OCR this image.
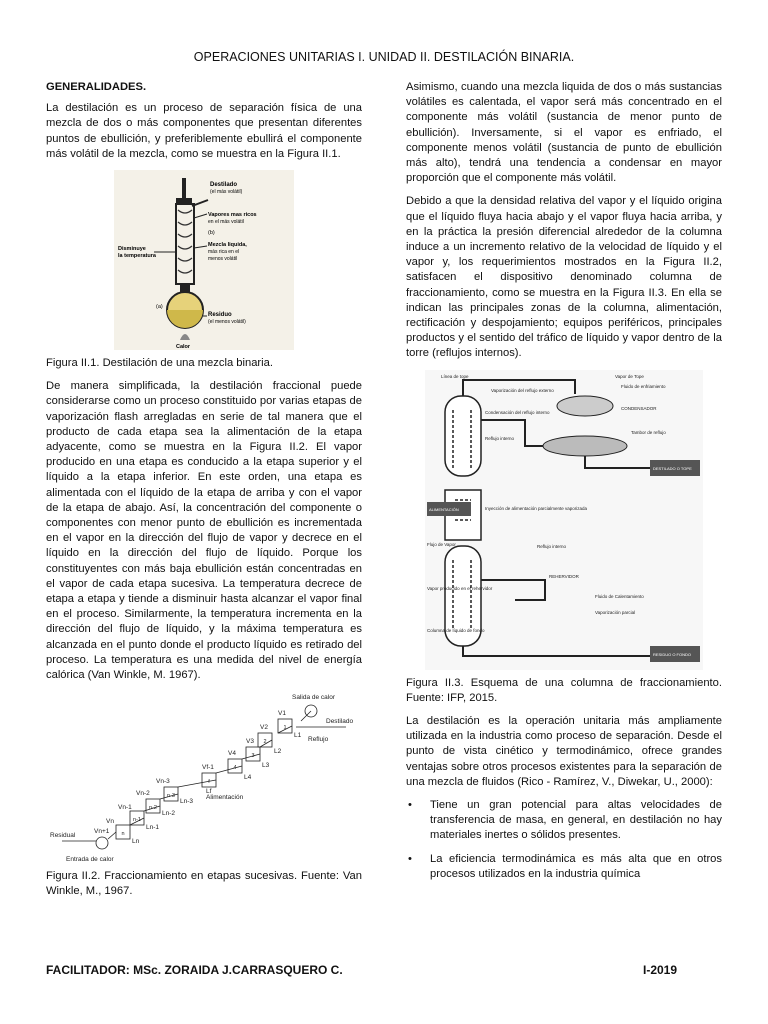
OPERACIONES UNITARIAS I. UNIDAD II. DESTILACIÓN BINARIA.
GENERALIDADES.

La destilación es un proceso de separación física de una mezcla de dos o más componentes que presentan diferentes puntos de ebullición, y preferiblemente ebullirá el componente más volátil de la mezcla, como se muestra en la Figura II.1.

Destilado
(el más volátil)
Vapores mas ricos
en el más volátil
(b)
Mezcla liquida,
más rica en el
menos volátil
Disminuye
la temperatura
(a)
Residuo
(el menos volátil)
Calor

Figura II.1. Destilación de una mezcla binaria.

De manera simplificada, la destilación fraccional puede considerarse como un proceso constituido por varias etapas de vaporización flash arregladas en serie de tal manera que el producto de cada etapa sea la alimentación de la etapa adyacente, como se muestra en la Figura II.2. El vapor producido en una etapa es conducido a la etapa superior y el líquido a la etapa inferior. En este orden, una etapa es alimentada con el líquido de la etapa de arriba y con el vapor de la etapa de abajo. Así, la concentración del componente o componentes con menor punto de ebullición es incrementada en el vapor en la dirección del flujo de vapor y decrece en el líquido en la dirección del flujo de líquido. Porque los constituyentes con más baja ebullición están concentradas en el vapor de cada etapa sucesiva. La temperatura decrece de etapa a etapa y tiende a disminuir hasta alcanzar el vapor final en el proceso. Similarmente, la temperatura incrementa en la dirección del flujo de líquido, y la máxima temperatura es alcanzada en el punto donde el producto líquido es retirado del proceso. La temperatura es una medida del nivel de energía calórica (Van Winkle, M. 1967).

Salida de calor
Destilado
Reflujo
Alimentación
Residual
Entrada de calor
V1
V2
V3
V4
Vf-1
Vn-3
Vn-2
Vn-1
Vn
Vn+1
L1
L2
L3
L4
Lf
Ln-3
Ln-2
Ln-1
Ln
1
2
3
4
f
n-3
n-2
n-1
n

Figura II.2. Fraccionamiento en etapas sucesivas. Fuente: Van Winkle, M., 1967.

Asimismo, cuando una mezcla liquida de dos o más sustancias volátiles es calentada, el vapor será más concentrado en el componente más volátil (sustancia de menor punto de ebullición). Inversamente, si el vapor es enfriado, el componente menos volátil (sustancia de punto de ebullición más alto), tendrá una tendencia a condensar en mayor proporción que el componente más volátil.

Debido a que la densidad relativa del vapor y el líquido origina que el líquido fluya hacia abajo y el vapor fluya hacia arriba, y en la práctica la presión diferencial alrededor de la columna induce a un incremento relativo de la velocidad de líquido y el vapor y, los requerimientos mostrados en la Figura II.2, satisfacen el dispositivo denominado columna de fraccionamiento, como se muestra en la Figura II.3. En ella se indican las principales zonas de la columna, alimentación, rectificación y despojamiento; equipos periféricos, principales productos y el sentido del tráfico de líquido y vapor dentro de la torre (reflujos internos).

Línea de tope
Vaporización del reflujo externo
Vapor de Tope
Fluido de enfriamiento
CONDENSADOR
Condensación del reflujo interno
Reflujo interno
Tambor de reflujo
Inyección de alimentación parcialmente vaporizada
Flujo de Vapor	Reflujo interno
REHERVIDOR
Vapor producido en el rehervidor
Fluido de Calentamiento
Vaporización parcial
Columna de líquido de fondo
DESTILADO O TOPE
ALIMENTACIÓN
RESIDUO O FONDO

Figura II.3. Esquema de una columna de fraccionamiento. Fuente: IFP, 2015.

La destilación es la operación unitaria más ampliamente utilizada en la industria como proceso de separación. Desde el punto de vista cinético y termodinámico, ofrece grandes ventajas sobre otros procesos existentes para la separación de una mezcla de fluidos (Rico - Ramírez, V., Diwekar, U., 2000):

• Tiene un gran potencial para altas velocidades de transferencia de masa, en general, en destilación no hay materiales inertes o sólidos presentes.
• La eficiencia termodinámica es más alta que en otros procesos utilizados en la industria química
FACILITADOR: MSc. ZORAIDA J.CARRASQUERO C.	I-2019
